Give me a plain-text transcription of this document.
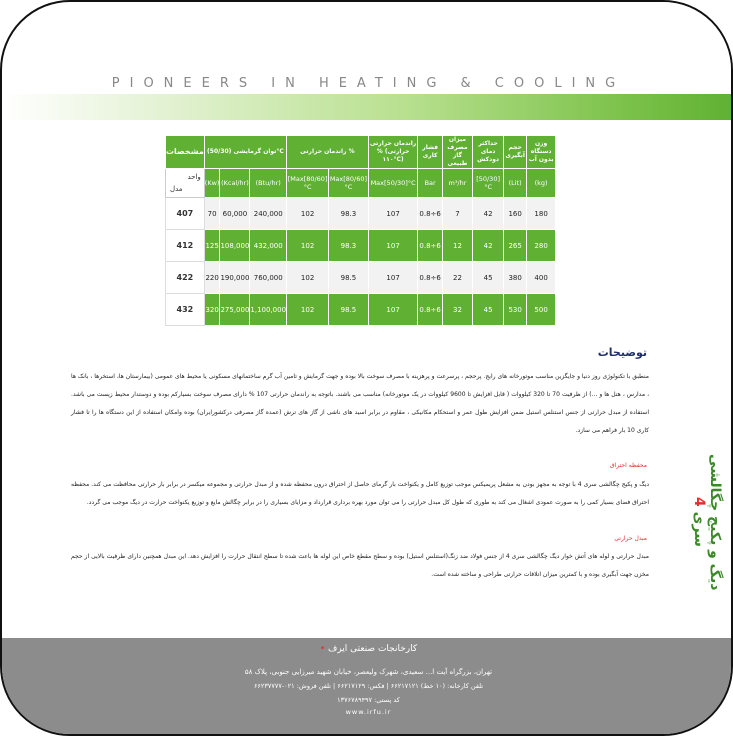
PIONEERS IN HEATING & COOLING
مشخصات	توان گرمایشی (50/30)°C			راندمان حرارتی %		راندمان حرارتی % (حرارتی ۱۱۰°C)	فشار کاری	میزان مصرف گاز طبیعی	حداکثر دمای دودکش	حجم آبگیری	وزن دستگاه بدون آب

واحد
مدل	(Kw)	(Kcal/hr)	(Btu/hr)	[Max[80/60]°C	Max[80/60]°C	Max[50/30]°C	Bar	m³/hr	[50/30]°C	(Lit)	(kg)
407	70	60,000	240,000	102	98.3	107	0.8÷6	7	42	160	180
412	125	108,000	432,000	102	98.3	107	0.8÷6	12	42	265	280
422	220	190,000	760,000	102	98.5	107	0.8÷6	22	45	380	400
432	320	275,000	1,100,000	102	98.5	107	0.8÷6	32	45	530	500
دیگ و پکیج چگالشی سری 4
توضیحات
منطبق با تکنولوژی روز دنیا و جایگزین مناسب موتورخانه های رایج. پرحجم ، پرسرعت و پرهزینه با مصرف سوخت بالا بوده و جهت گرمایش و تامین آب گرم ساختمانهای مسکونی یا محیط های عمومی (بیمارستان ها، استخرها ، بانک ها ، مدارس ، هتل ها و ...) از ظرفیت 70 تا 320 کیلووات ( قابل افزایش تا 9600 کیلووات در یک موتورخانه) مناسب می باشند. باتوجه به راندمان حرارتی 107 % دارای مصرف سوخت بسیارکم بوده و دوستدار محیط زیست می باشد. استفاده از مبدل حرارتی از جنس استنلس استیل ضمن افزایش طول عمر و استحکام مکانیکی ، مقاوم در برابر اسید های ناشی از گاز های ترش (عمده گاز مصرفی درکشورایران) بوده وامکان استفاده از این دستگاه ها را تا فشار کاری 10 بار فراهم می سازد.
محفظه احتراق
دیگ و پکیج چگالشی سری 4 با توجه به مجهز بودن به مشعل پریمیکس موجب توزیع کامل و یکنواخت بار گرمای حاصل از احتراق درون محفظه شده و از مبدل حرارتی و مجموعه میکسر در برابر بار حرارتی محافظت می کند. محفظه احتراق فضای بسیار کمی را به صورت عمودی اشغال می کند به طوری که طول کل مبدل حرارتی را می توان مورد بهره برداری قرارداد و مزایای بسیاری را در برابر چگالش مایع و توزیع یکنواخت حرارت در دیگ موجب می گردد.
مبدل حرارتی
مبدل حرارتی و لوله های آتش خوار دیگ چگالشی سری 4 از جنس فولاد ضد زنگ(استنلس استیل) بوده و سطح مقطع خاص این لوله ها باعث شده تا سطح انتقال حرارت را افزایش دهد. این مبدل همچنین دارای ظرفیت بالایی از حجم مخزن جهت آبگیری بوده و با کمترین میزان اتلافات حرارتی طراحی و ساخته شده است.
کارخانجات صنعتی ایرف •
تهران، بزرگراه آیت ا... سعیدی، شهرک ولیعصر، خیابان شهید میرزایی جنوبی، پلاک ۵۸
تلفن کارخانه: (۱۰ خط) ۶۶۲۱۷۱۲۱ | فکس: ۶۶۲۱۷۱۲۹ | تلفن فروش: ۰۲۱-۶۶۲۳۷۷۷۷
کد پستی: ۱۳۷۶۷۸۹۴۹۷
www.irfu.ir
